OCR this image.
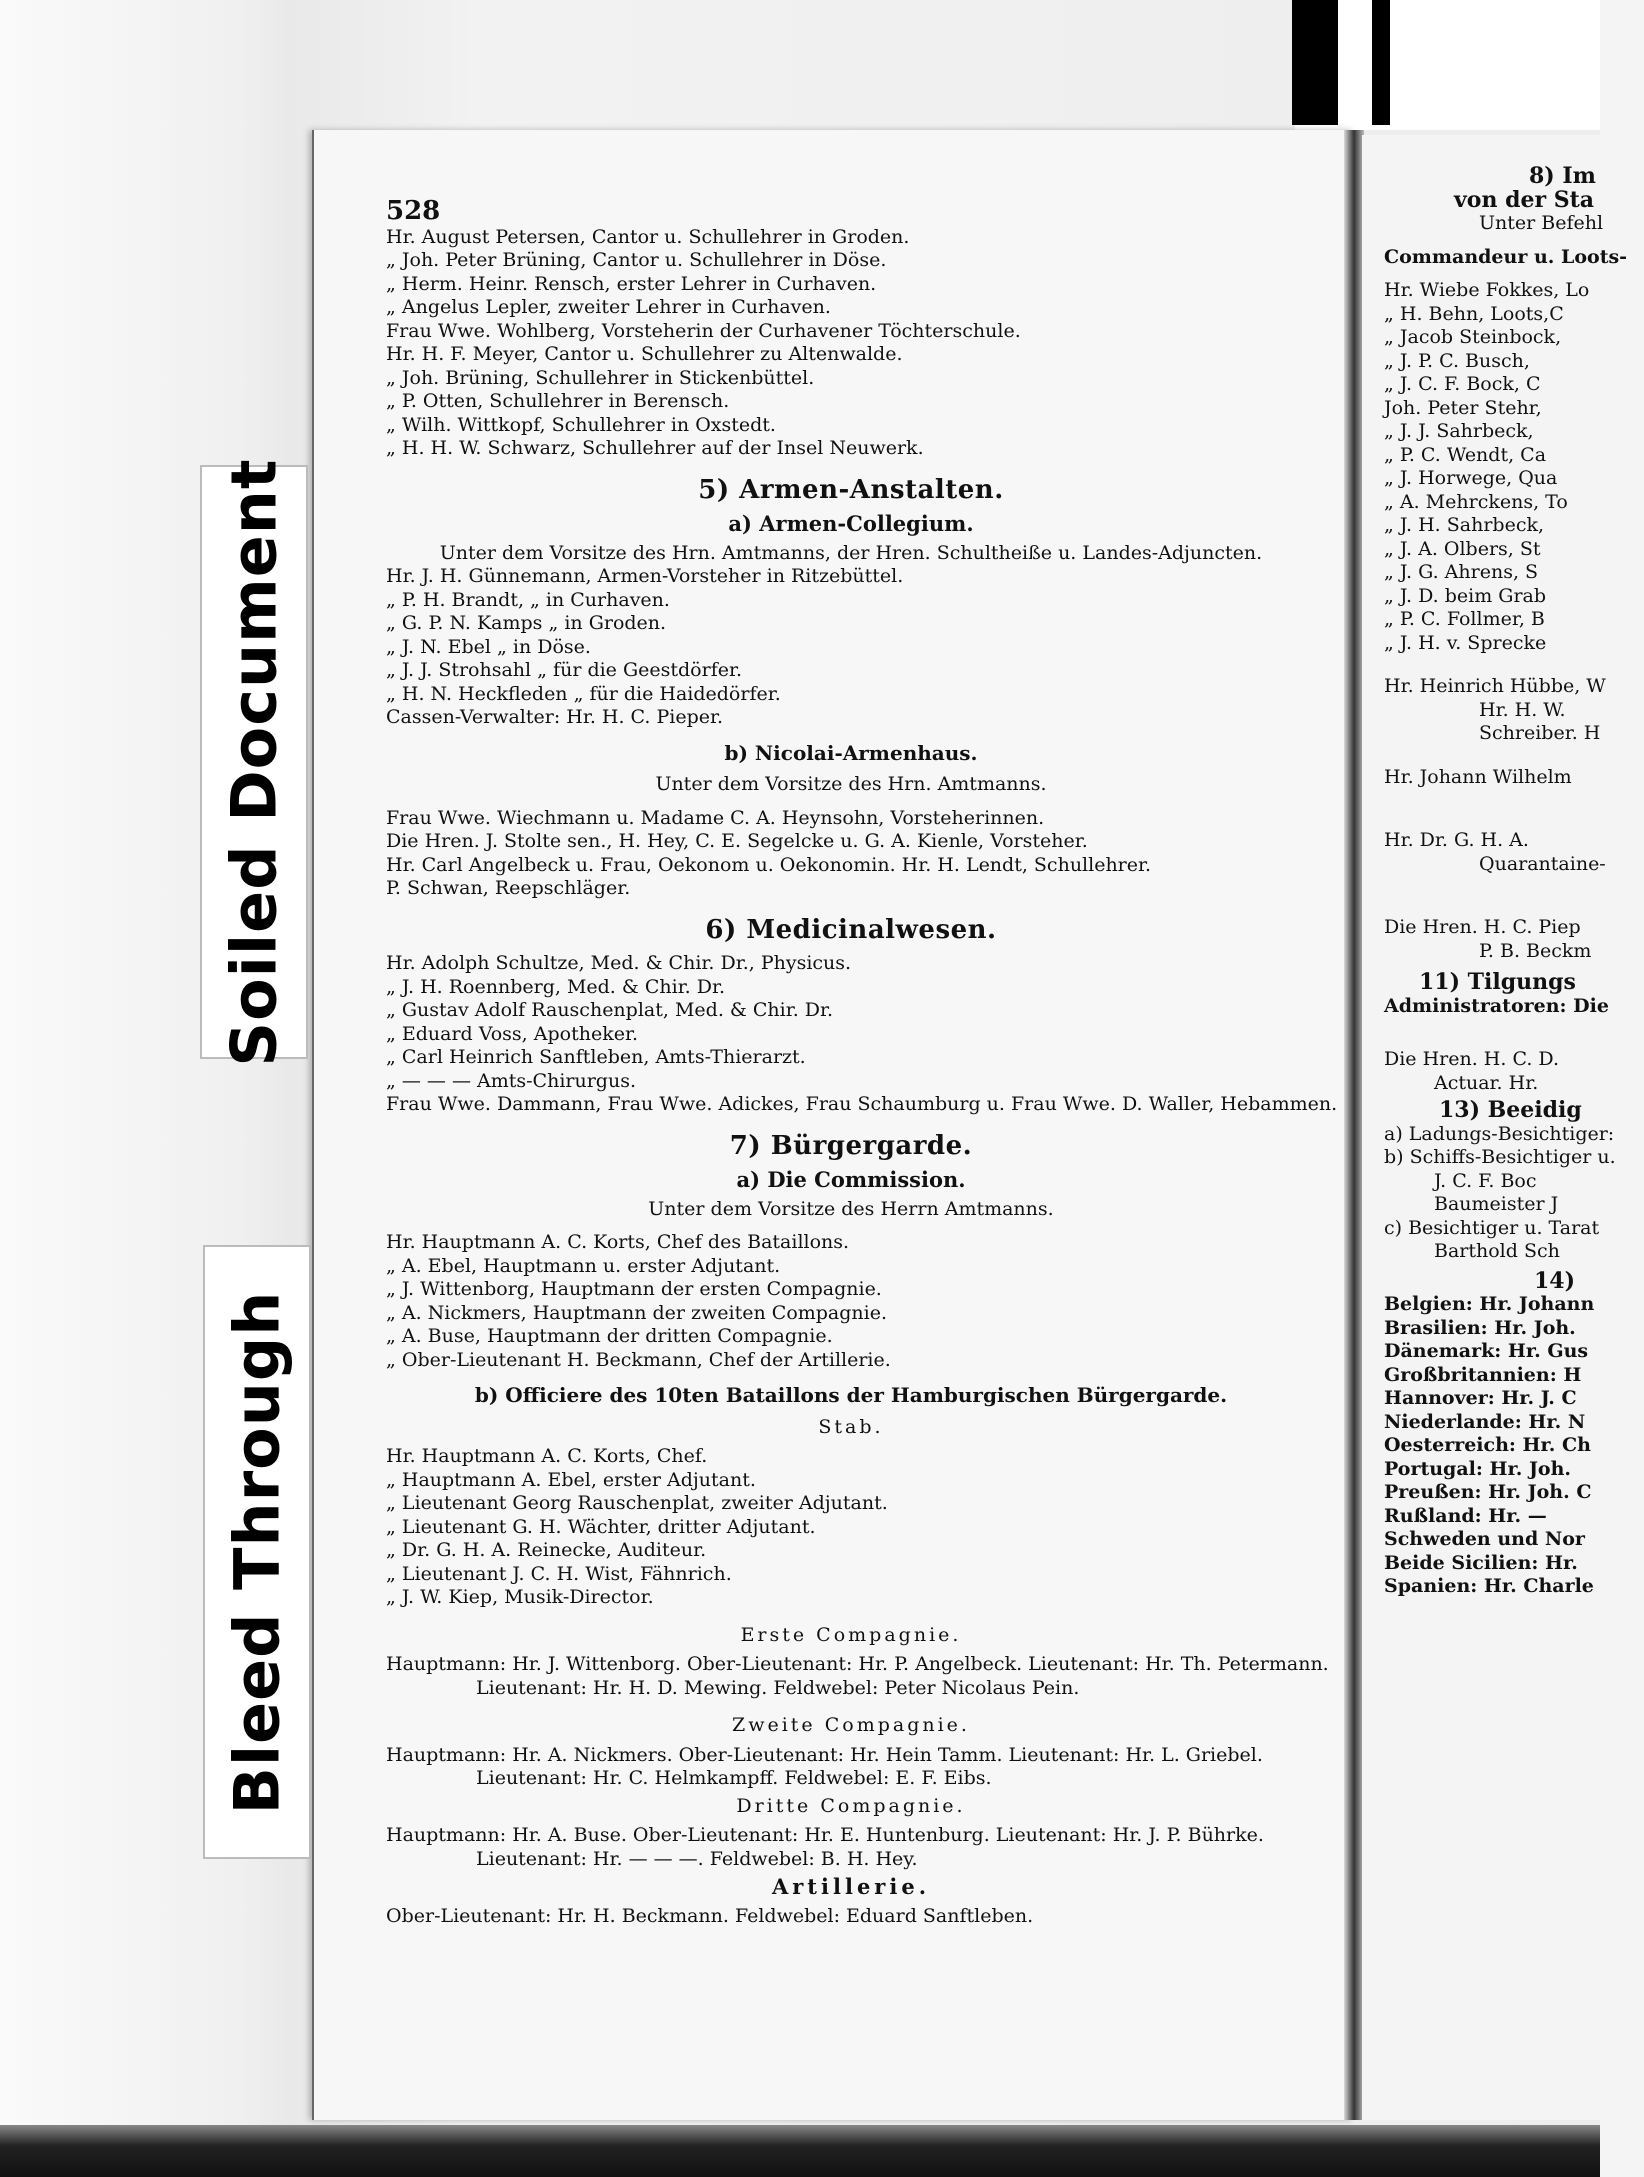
8) Im
von der Sta
Unter Befehl
Commandeur u. Loots-
Hr. Wiebe Fokkes, Lo
„ H. Behn, Loots,C
„ Jacob Steinbock,
„ J. P. C. Busch,
„ J. C. F. Bock, C
Joh. Peter Stehr,
„ J. J. Sahrbeck,
„ P. C. Wendt, Ca
„ J. Horwege, Qua
„ A. Mehrckens, To
„ J. H. Sahrbeck,
„ J. A. Olbers, St
„ J. G. Ahrens, S
„ J. D. beim Grab
„ P. C. Follmer, B
„ J. H. v. Sprecke
Hr. Heinrich Hübbe, W
Hr. H. W.
Schreiber. H
Hr. Johann Wilhelm
Hr. Dr. G. H. A.
Quarantaine-
Die Hren. H. C. Piep
P. B. Beckm
11) Tilgungs
Administratoren: Die
Die Hren. H. C. D.
Actuar. Hr.
13) Beeidig
a) Ladungs-Besichtiger:
b) Schiffs-Besichtiger u.
J. C. F. Boc
Baumeister J
c) Besichtiger u. Tarat
Barthold Sch
14)
Belgien: Hr. Johann
Brasilien: Hr. Joh.
Dänemark: Hr. Gus
Großbritannien: H
Hannover: Hr. J. C
Niederlande: Hr. N
Oesterreich: Hr. Ch
Portugal: Hr. Joh.
Preußen: Hr. Joh. C
Rußland: Hr. —
Schweden und Nor
Beide Sicilien: Hr.
Spanien: Hr. Charle

528
Hr. August Petersen, Cantor u. Schullehrer in Groden.
„ Joh. Peter Brüning, Cantor u. Schullehrer in Döse.
„ Herm. Heinr. Rensch, erster Lehrer in Curhaven.
„ Angelus Lepler, zweiter Lehrer in Curhaven.
Frau Wwe. Wohlberg, Vorsteherin der Curhavener Töchterschule.
Hr. H. F. Meyer, Cantor u. Schullehrer zu Altenwalde.
„ Joh. Brüning, Schullehrer in Stickenbüttel.
„ P. Otten, Schullehrer in Berensch.
„ Wilh. Wittkopf, Schullehrer in Oxstedt.
„ H. H. W. Schwarz, Schullehrer auf der Insel Neuwerk.
5) Armen-Anstalten.
a) Armen-Collegium.
Unter dem Vorsitze des Hrn. Amtmanns, der Hren. Schultheiße u. Landes-Adjuncten.
Hr. J. H. Günnemann, Armen-Vorsteher in Ritzebüttel.
„ P. H. Brandt, „ in Curhaven.
„ G. P. N. Kamps „ in Groden.
„ J. N. Ebel „ in Döse.
„ J. J. Strohsahl „ für die Geestdörfer.
„ H. N. Heckfleden „ für die Haidedörfer.
Cassen-Verwalter: Hr. H. C. Pieper.
b) Nicolai-Armenhaus.
Unter dem Vorsitze des Hrn. Amtmanns.
Frau Wwe. Wiechmann u. Madame C. A. Heynsohn, Vorsteherinnen.
Die Hren. J. Stolte sen., H. Hey, C. E. Segelcke u. G. A. Kienle, Vorsteher.
Hr. Carl Angelbeck u. Frau, Oekonom u. Oekonomin. Hr. H. Lendt, Schullehrer.
P. Schwan, Reepschläger.
6) Medicinalwesen.
Hr. Adolph Schultze, Med. & Chir. Dr., Physicus.
„ J. H. Roennberg, Med. & Chir. Dr.
„ Gustav Adolf Rauschenplat, Med. & Chir. Dr.
„ Eduard Voss, Apotheker.
„ Carl Heinrich Sanftleben, Amts-Thierarzt.
„ — — — Amts-Chirurgus.
Frau Wwe. Dammann, Frau Wwe. Adickes, Frau Schaumburg u. Frau Wwe. D. Waller, Hebammen.
7) Bürgergarde.
a) Die Commission.
Unter dem Vorsitze des Herrn Amtmanns.
Hr. Hauptmann A. C. Korts, Chef des Bataillons.
„ A. Ebel, Hauptmann u. erster Adjutant.
„ J. Wittenborg, Hauptmann der ersten Compagnie.
„ A. Nickmers, Hauptmann der zweiten Compagnie.
„ A. Buse, Hauptmann der dritten Compagnie.
„ Ober-Lieutenant H. Beckmann, Chef der Artillerie.
b) Officiere des 10ten Bataillons der Hamburgischen Bürgergarde.
Stab.
Hr. Hauptmann A. C. Korts, Chef.
„ Hauptmann A. Ebel, erster Adjutant.
„ Lieutenant Georg Rauschenplat, zweiter Adjutant.
„ Lieutenant G. H. Wächter, dritter Adjutant.
„ Dr. G. H. A. Reinecke, Auditeur.
„ Lieutenant J. C. H. Wist, Fähnrich.
„ J. W. Kiep, Musik-Director.
Erste Compagnie.
Hauptmann: Hr. J. Wittenborg. Ober-Lieutenant: Hr. P. Angelbeck. Lieutenant: Hr. Th. Petermann.
Lieutenant: Hr. H. D. Mewing. Feldwebel: Peter Nicolaus Pein.
Zweite Compagnie.
Hauptmann: Hr. A. Nickmers. Ober-Lieutenant: Hr. Hein Tamm. Lieutenant: Hr. L. Griebel.
Lieutenant: Hr. C. Helmkampff. Feldwebel: E. F. Eibs.
Dritte Compagnie.
Hauptmann: Hr. A. Buse. Ober-Lieutenant: Hr. E. Huntenburg. Lieutenant: Hr. J. P. Bührke.
Lieutenant: Hr. — — —. Feldwebel: B. H. Hey.
Artillerie.
Ober-Lieutenant: Hr. H. Beckmann. Feldwebel: Eduard Sanftleben.
Soiled Document
Bleed Through
